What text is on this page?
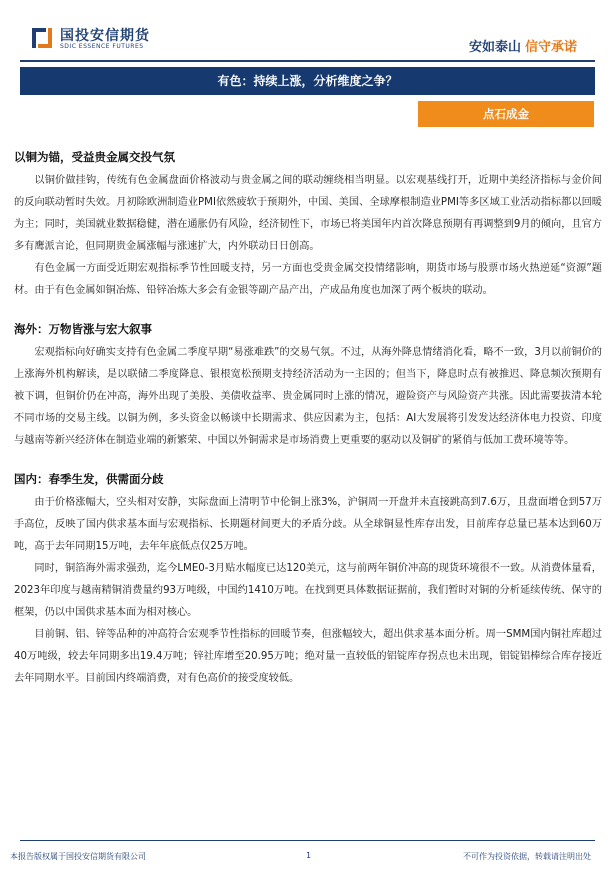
国投安信期货
SDIC ESSENCE FUTURES	安如泰山 信守承诺
有色：持续上涨，分析维度之争？
点石成金
以铜为锚，受益贵金属交投气氛

以铜价做挂钩，传统有色金属盘面价格波动与贵金属之间的联动缠绕相当明显。以宏观基线打开，近期中美经济指标与金价间的反向联动暂时失效。月初除欧洲制造业PMI依然疲软于预期外，中国、美国、全球摩根制造业PMI等多区域工业活动指标都以回暖为主；同时，美国就业数据稳健，潜在通胀仍有风险，经济韧性下，市场已将美国年内首次降息预期有再调整到9月的倾向，且官方多有鹰派言论，但同期贵金属涨幅与涨速扩大，内外联动日日创高。

有色金属一方面受近期宏观指标季节性回暖支持，另一方面也受贵金属交投情绪影响，期货市场与股票市场火热逆延“资源”题材。由于有色金属如铜冶炼、铅锌冶炼大多会有金银等副产品产出，产成品角度也加深了两个板块的联动。

海外：万物皆涨与宏大叙事

宏观指标向好确实支持有色金属二季度早期“易涨难跌”的交易气氛。不过，从海外降息情绪消化看，略不一致，3月以前铜价的上涨海外机构解读，是以联储二季度降息、银根宽松预期支持经济活动为一主因的；但当下，降息时点有被推迟、降息频次预期有被下调，但铜价仍在冲高，海外出现了美股、美债收益率、贵金属同时上涨的情况，避险资产与风险资产共涨。因此需要拔清本轮不同市场的交易主线。以铜为例，多头资金以畅谈中长期需求、供应因素为主，包括：AI大发展将引发发达经济体电力投资、印度与越南等新兴经济体在制造业端的新繁荣、中国以外铜需求是市场消费上更重要的驱动以及铜矿的紧俏与低加工费环境等等。

国内：春季生发，供需面分歧

由于价格涨幅大，空头相对安静，实际盘面上清明节中伦铜上涨3%，沪铜周一开盘并未直接跳高到7.6万，且盘面增仓到57万手高位，反映了国内供求基本面与宏观指标、长期题材间更大的矛盾分歧。从全球铜显性库存出发，目前库存总量已基本达到60万吨，高于去年同期15万吨，去年年底低点仅25万吨。

同时，铜箔海外需求强劲，迄今LME0-3月贴水幅度已达120美元，这与前两年铜价冲高的现货环境很不一致。从消费体量看，2023年印度与越南精铜消费量约93万吨级，中国约1410万吨。在找到更具体数据证据前，我们暂时对铜的分析延续传统、保守的框架，仍以中国供求基本面为相对核心。

目前铜、铝、锌等品种的冲高符合宏观季节性指标的回暖节奏，但涨幅较大，超出供求基本面分析。周一SMM国内铜社库超过40万吨级，较去年同期多出19.4万吨；锌社库增至20.95万吨；绝对量一直较低的铝锭库存拐点也未出现，铝锭铝棒综合库存接近去年同期水平。目前国内终端消费，对有色高价的接受度较低。

本报告版权属于国投安信期货有限公司	1	不可作为投资依据，转载请注明出处
